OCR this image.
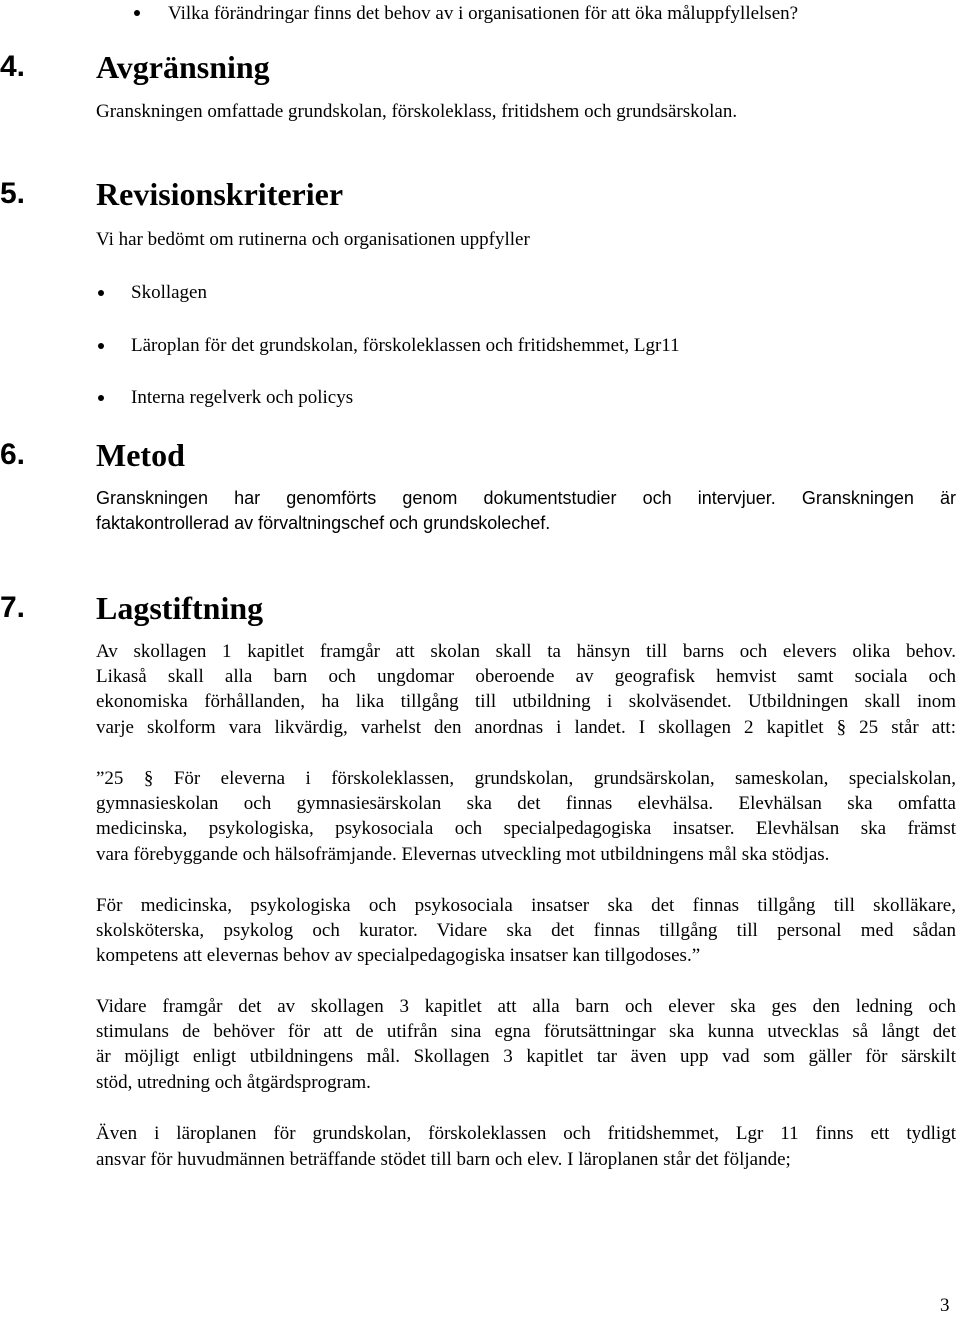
Vilka förändringar finns det behov av i organisationen för att öka måluppfyllelsen?
4. Avgränsning
Granskningen omfattade grundskolan, förskoleklass, fritidshem och grundsärskolan.
5. Revisionskriterier
Vi har bedömt om rutinerna och organisationen uppfyller
Skollagen
Läroplan för det grundskolan, förskoleklassen och fritidshemmet, Lgr11
Interna regelverk och policys
6. Metod
Granskningen har genomförts genom dokumentstudier och intervjuer. Granskningen är
faktakontrollerad av förvaltningschef och grundskolechef.
7. Lagstiftning
Av skollagen 1 kapitlet framgår att skolan skall ta hänsyn till barns och elevers olika behov.
Likaså skall alla barn och ungdomar oberoende av geografisk hemvist samt sociala och
ekonomiska förhållanden, ha lika tillgång till utbildning i skolväsendet. Utbildningen skall inom
varje skolform vara likvärdig, varhelst den anordnas i landet. I skollagen 2 kapitlet § 25 står att:
”25 § För eleverna i förskoleklassen, grundskolan, grundsärskolan, sameskolan, specialskolan,
gymnasieskolan och gymnasiesärskolan ska det finnas elevhälsa. Elevhälsan ska omfatta
medicinska, psykologiska, psykosociala och specialpedagogiska insatser. Elevhälsan ska främst
vara förebyggande och hälsofrämjande. Elevernas utveckling mot utbildningens mål ska stödjas.
För medicinska, psykologiska och psykosociala insatser ska det finnas tillgång till skolläkare,
skolsköterska, psykolog och kurator. Vidare ska det finnas tillgång till personal med sådan
kompetens att elevernas behov av specialpedagogiska insatser kan tillgodoses.”
Vidare framgår det av skollagen 3 kapitlet att alla barn och elever ska ges den ledning och
stimulans de behöver för att de utifrån sina egna förutsättningar ska kunna utvecklas så långt det
är möjligt enligt utbildningens mål. Skollagen 3 kapitlet tar även upp vad som gäller för särskilt
stöd, utredning och åtgärdsprogram.
Även i läroplanen för grundskolan, förskoleklassen och fritidshemmet, Lgr 11 finns ett tydligt
ansvar för huvudmännen beträffande stödet till barn och elev. I läroplanen står det följande;
3
